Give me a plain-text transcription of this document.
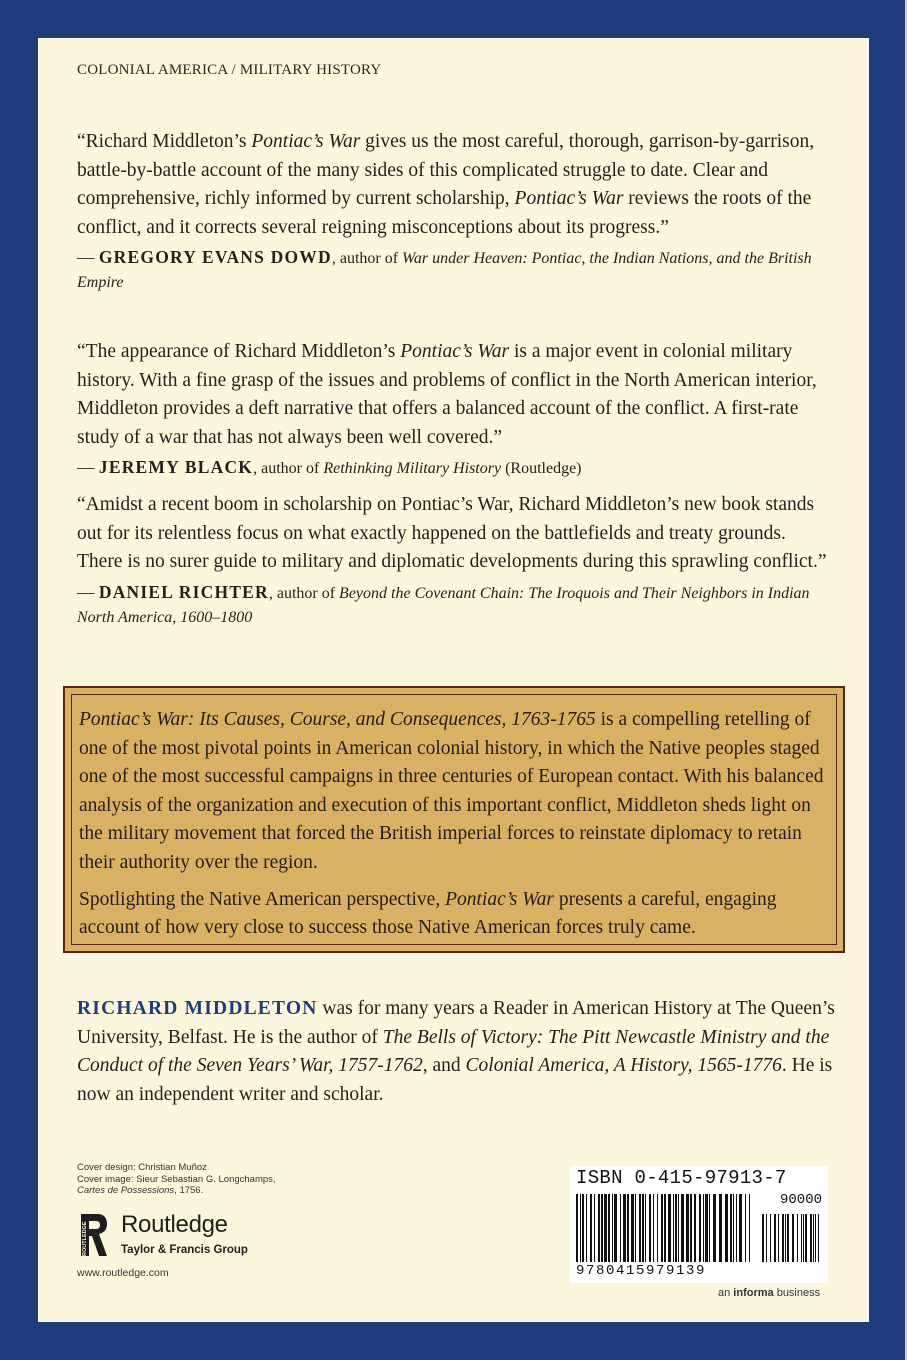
COLONIAL AMERICA / MILITARY HISTORY
“Richard Middleton’s Pontiac’s War gives us the most careful, thorough, garrison-by-garrison, battle-by-battle account of the many sides of this complicated struggle to date. Clear and comprehensive, richly informed by current scholarship, Pontiac’s War reviews the roots of the conflict, and it corrects several reigning misconceptions about its progress.”
— GREGORY EVANS DOWD, author of War under Heaven: Pontiac, the Indian Nations, and the British Empire
“The appearance of Richard Middleton’s Pontiac’s War is a major event in colonial military history. With a fine grasp of the issues and problems of conflict in the North American interior, Middleton provides a deft narrative that offers a balanced account of the conflict. A first-rate study of a war that has not always been well covered.”
— JEREMY BLACK, author of Rethinking Military History (Routledge)
“Amidst a recent boom in scholarship on Pontiac’s War, Richard Middleton’s new book stands out for its relentless focus on what exactly happened on the battlefields and treaty grounds. There is no surer guide to military and diplomatic developments during this sprawling conflict.”
— DANIEL RICHTER, author of Beyond the Covenant Chain: The Iroquois and Their Neighbors in Indian North America, 1600–1800

Pontiac’s War: Its Causes, Course, and Consequences, 1763-1765 is a compelling retelling of one of the most pivotal points in American colonial history, in which the Native peoples staged one of the most successful campaigns in three centuries of European contact. With his balanced analysis of the organization and execution of this important conflict, Middleton sheds light on the military movement that forced the British imperial forces to reinstate diplomacy to retain their authority over the region.

Spotlighting the Native American perspective, Pontiac’s War presents a careful, engaging account of how very close to success those Native American forces truly came.

RICHARD MIDDLETON was for many years a Reader in American History at The Queen’s University, Belfast. He is the author of The Bells of Victory: The Pitt Newcastle Ministry and the Conduct of the Seven Years’ War, 1757-1762, and Colonial America, A History, 1565-1776. He is now an independent writer and scholar.
Cover design: Christian Muñoz
Cover image: Sieur Sebastian G. Longchamps,
Cartes de Possessions, 1756.
ROUTLEDGE Routledge
Taylor & Francis Group
www.routledge.com
ISBN 0-415-97913-7
90000
9780415979139
an informa business
